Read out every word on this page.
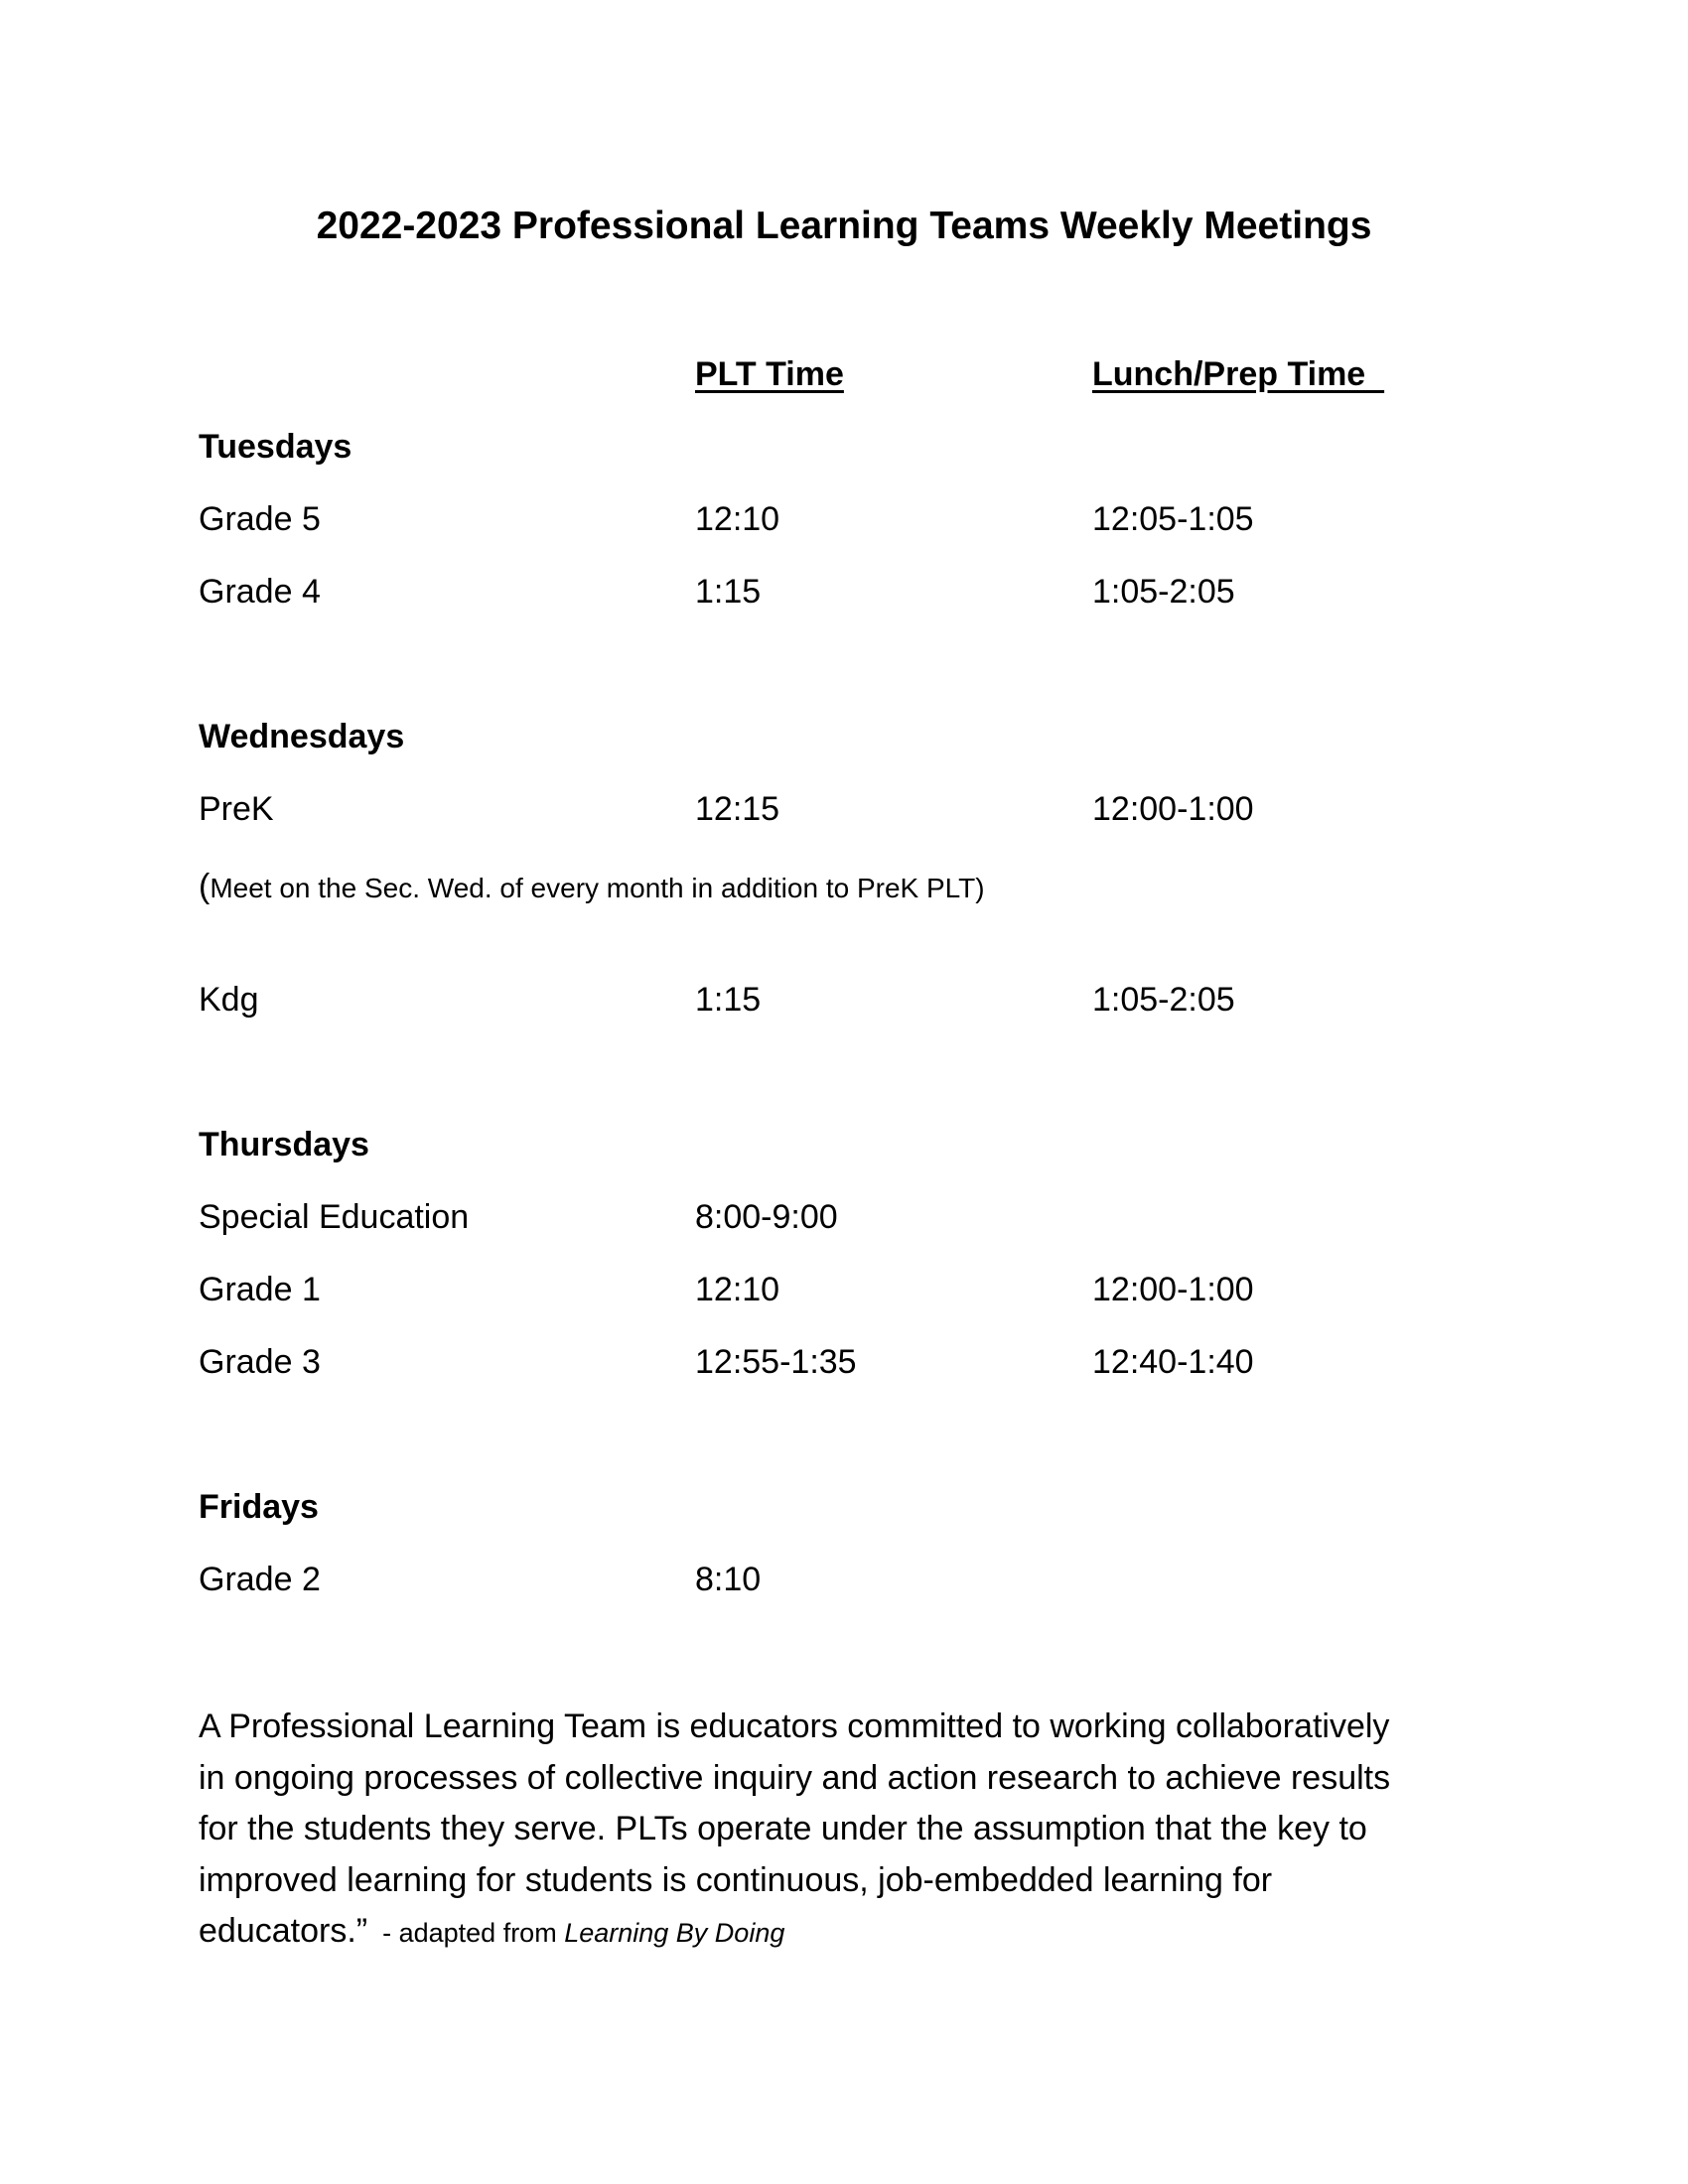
2022-2023 Professional Learning Teams Weekly Meetings
PLT Time	Lunch/Prep Time
Tuesdays
Grade 5	12:10	12:05-1:05
Grade 4	1:15	1:05-2:05
Wednesdays
PreK	12:15	12:00-1:00
(Meet on the Sec. Wed. of every month in addition to PreK PLT)
Kdg	1:15	1:05-2:05
Thursdays
Special Education	8:00-9:00
Grade 1	12:10	12:00-1:00
Grade 3	12:55-1:35	12:40-1:40
Fridays
Grade 2	8:10
A Professional Learning Team is educators committed to working collaboratively
in ongoing processes of collective inquiry and action research to achieve results
for the students they serve. PLTs operate under the assumption that the key to
improved learning for students is continuous, job-embedded learning for
educators.”  - adapted from Learning By Doing
